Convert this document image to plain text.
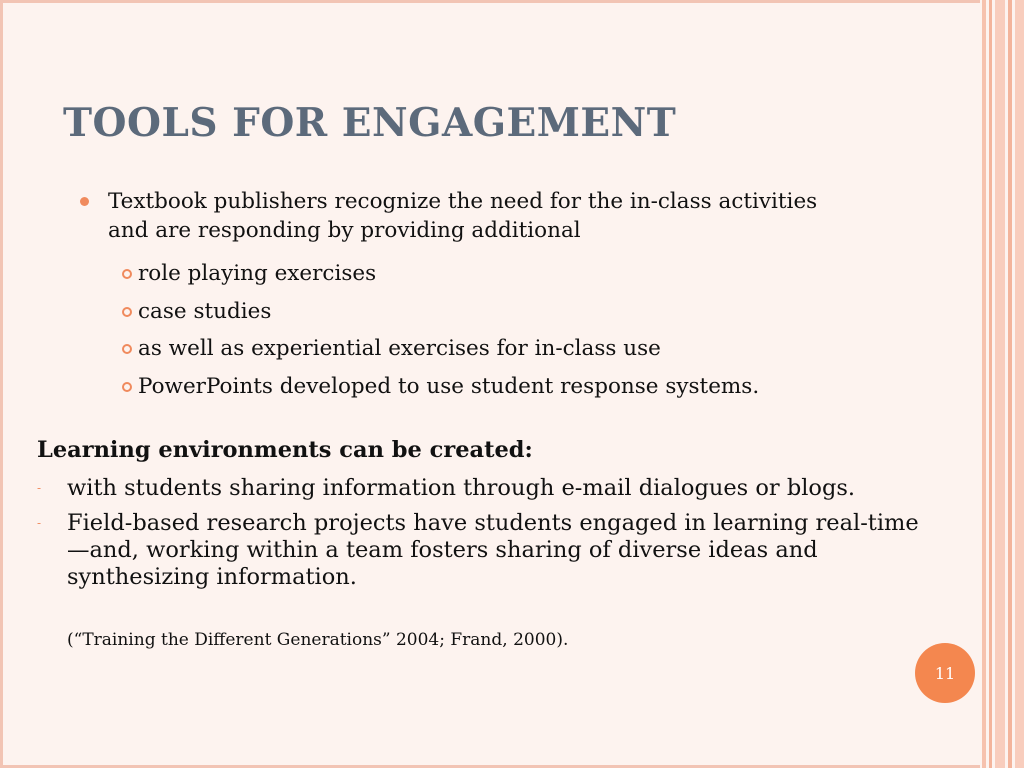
TOOLS FOR ENGAGEMENT
Textbook publishers recognize the need for the in-class activities and are responding by providing additional
role playing exercises
case studies
as well as experiential exercises for in-class use
PowerPoints developed to use student response systems.
Learning environments can be created:
- with students sharing information through e-mail dialogues or blogs.
- Field-based research projects have students engaged in learning real-time—and, working within a team fosters sharing of diverse ideas and synthesizing information.
(“Training the Different Generations” 2004; Frand, 2000).
11
